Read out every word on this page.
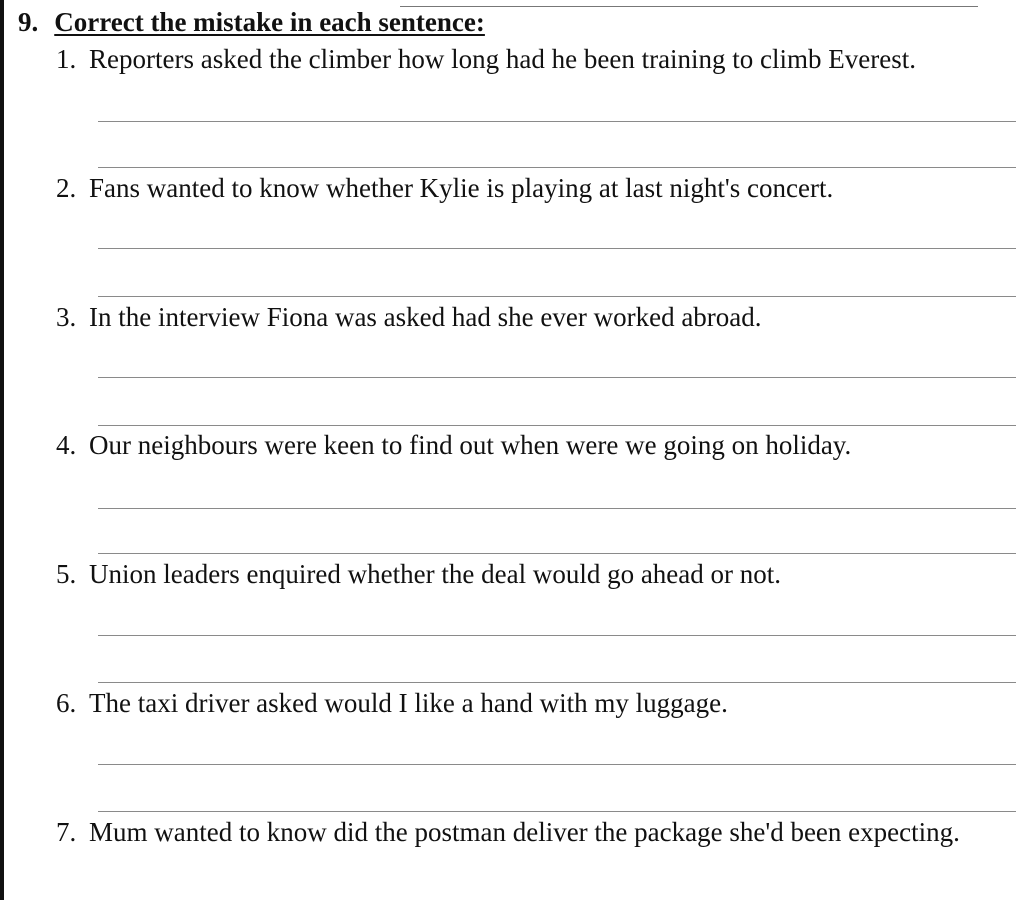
9. Correct the mistake in each sentence:
1. Reporters asked the climber how long had he been training to climb Everest.
2. Fans wanted to know whether Kylie is playing at last night's concert.
3. In the interview Fiona was asked had she ever worked abroad.
4. Our neighbours were keen to find out when were we going on holiday.
5. Union leaders enquired whether the deal would go ahead or not.
6. The taxi driver asked would I like a hand with my luggage.
7. Mum wanted to know did the postman deliver the package she'd been expecting.
